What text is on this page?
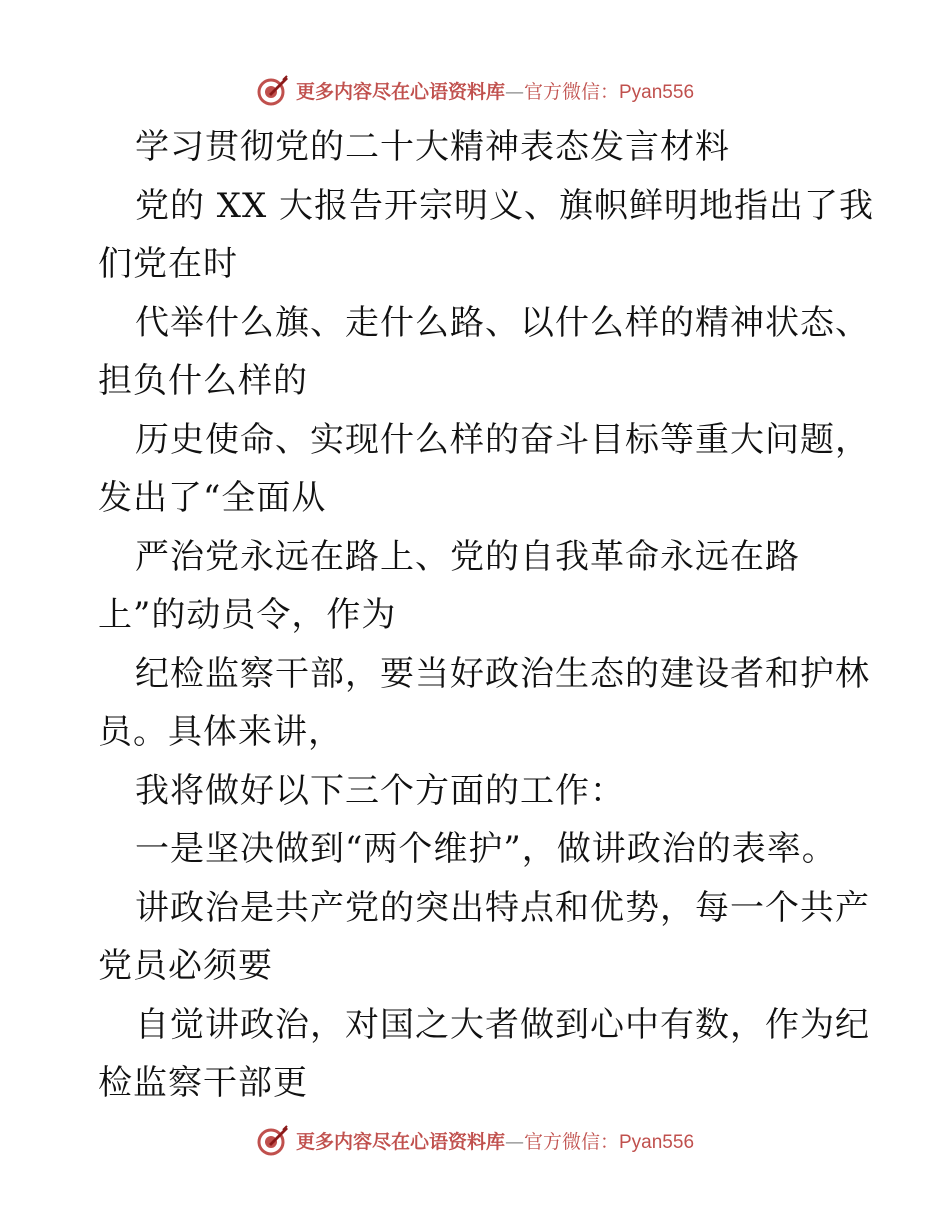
更多内容尽在心语资料库—官方微信：Pyan556
学习贯彻党的二十大精神表态发言材料
党的 XX 大报告开宗明义、旗帜鲜明地指出了我
们党在时
代举什么旗、走什么路、以什么样的精神状态、
担负什么样的
历史使命、实现什么样的奋斗目标等重大问题，
发出了“全面从
严治党永远在路上、党的自我革命永远在路
上”的动员令，作为
纪检监察干部，要当好政治生态的建设者和护林
员。具体来讲，
我将做好以下三个方面的工作：
一是坚决做到“两个维护”，做讲政治的表率。
讲政治是共产党的突出特点和优势，每一个共产
党员必须要
自觉讲政治，对国之大者做到心中有数，作为纪
检监察干部更
更多内容尽在心语资料库—官方微信：Pyan556
